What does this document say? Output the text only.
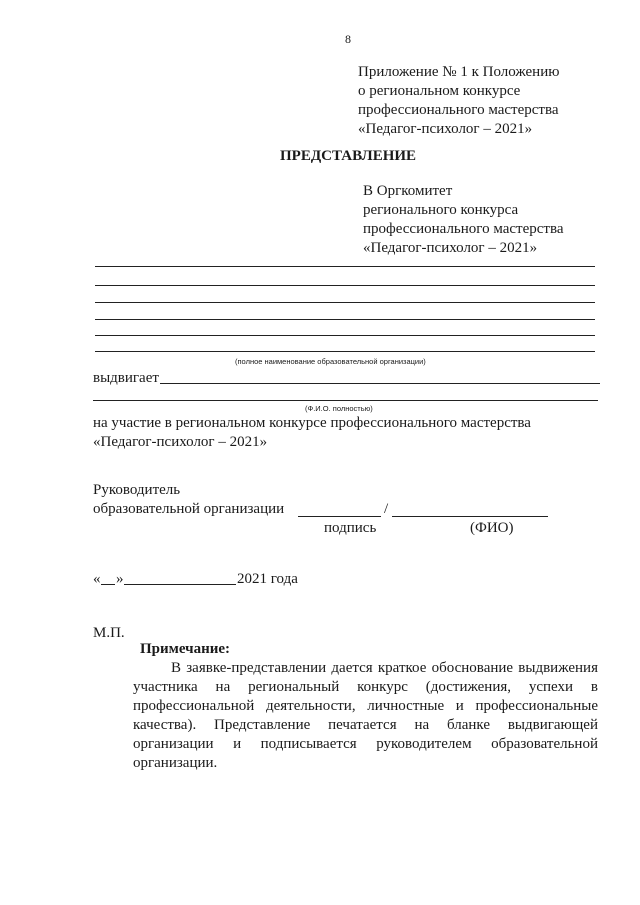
8
Приложение № 1 к Положению
о региональном конкурсе
профессионального мастерства
«Педагог-психолог – 2021»
ПРЕДСТАВЛЕНИЕ
В Оргкомитет
регионального конкурса
профессионального мастерства
«Педагог-психолог – 2021»
(полное наименование образовательной организации)
выдвигает
(Ф.И.О. полностью)
на участие в региональном конкурсе профессионального мастерства
«Педагог-психолог – 2021»
Руководитель
образовательной организации	/
подпись	(ФИО)
« »	2021 года
М.П.
Примечание:
В заявке-представлении дается краткое обоснование выдвижения участника на региональный конкурс (достижения, успехи в профессиональной деятельности, личностные и профессиональные качества). Представление печатается на бланке выдвигающей организации и подписывается руководителем образовательной организации.
